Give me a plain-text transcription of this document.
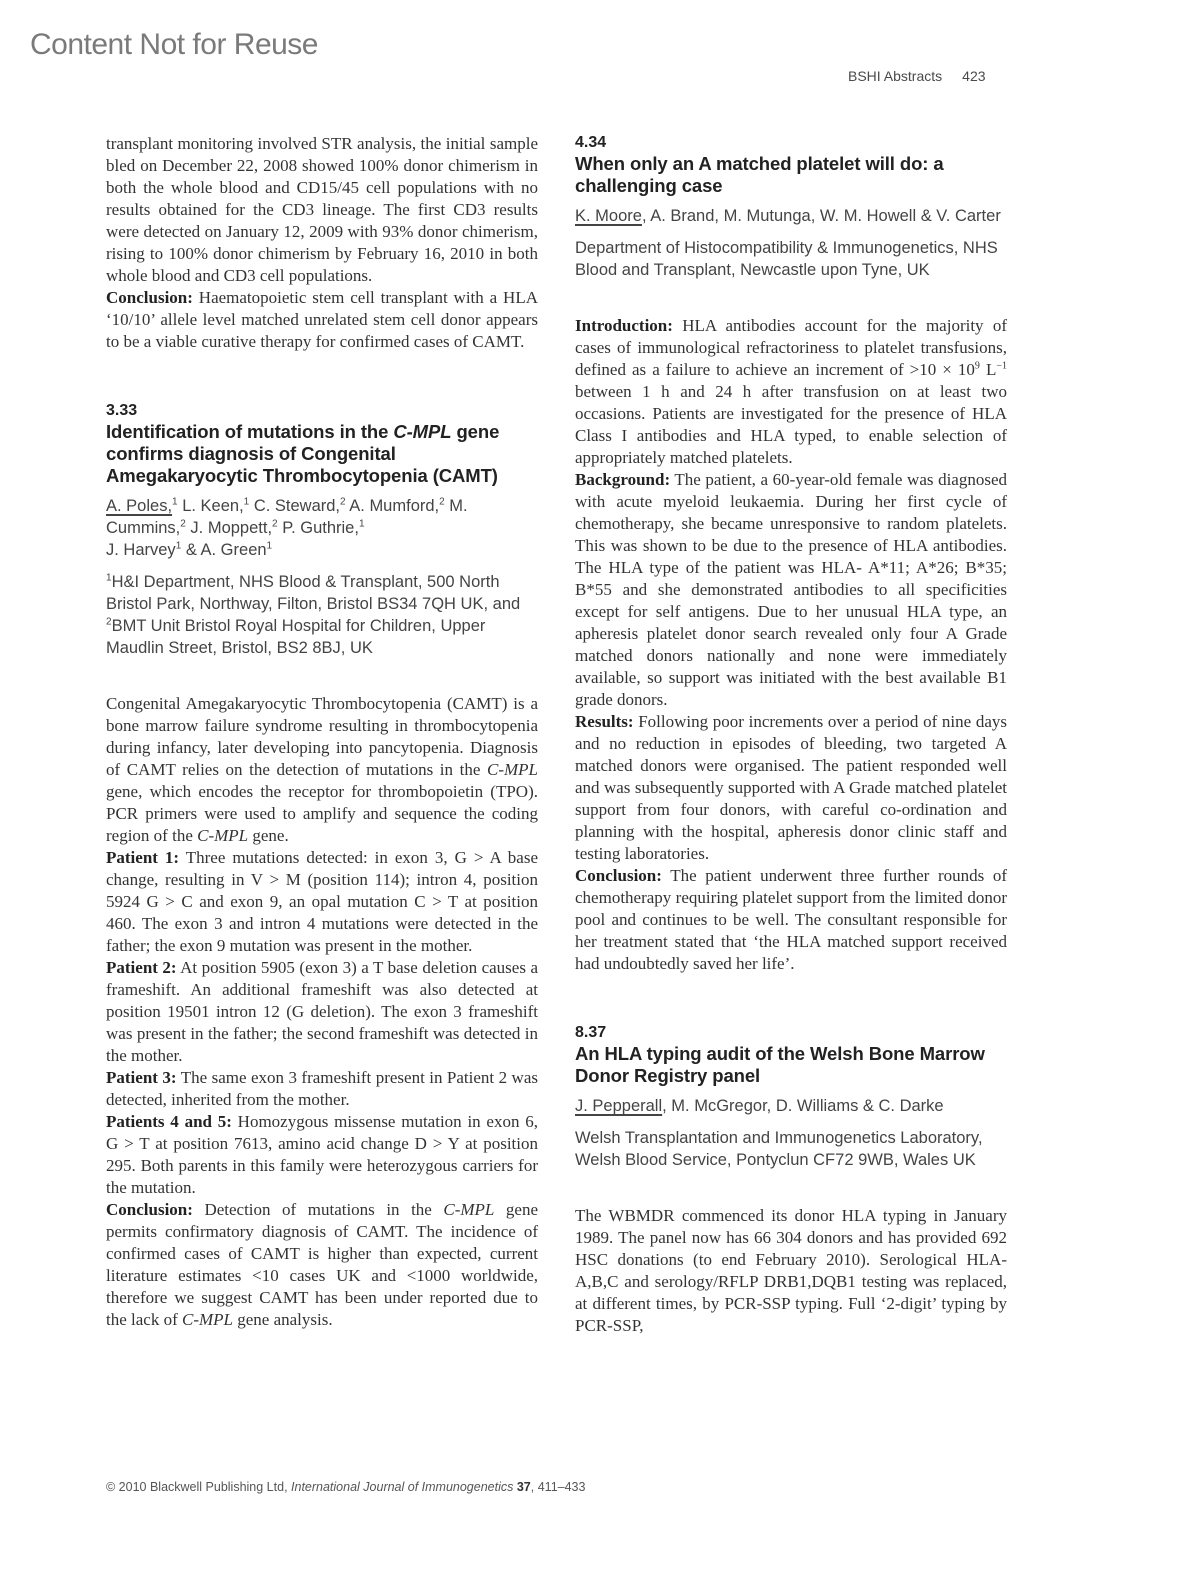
Content Not for Reuse
BSHI Abstracts 423

transplant monitoring involved STR analysis, the initial sample bled on December 22, 2008 showed 100% donor chimerism in both the whole blood and CD15/45 cell populations with no results obtained for the CD3 lineage. The first CD3 results were detected on January 12, 2009 with 93% donor chimerism, rising to 100% donor chimerism by February 16, 2010 in both whole blood and CD3 cell populations.

Conclusion: Haematopoietic stem cell transplant with a HLA ‘10/10’ allele level matched unrelated stem cell donor appears to be a viable curative therapy for confirmed cases of CAMT.

3.33

Identification of mutations in the C-MPL gene confirms diagnosis of Congenital Amegakaryocytic Thrombocytopenia (CAMT)

A. Poles,$^1$ L. Keen,$^1$ C. Steward,$^2$ A. Mumford,$^2$ M. Cummins,$^2$ J. Moppett,$^2$ P. Guthrie,$^1$
J. Harvey$^1$ & A. Green$^1$

$^1$H&I Department, NHS Blood & Transplant, 500 North Bristol Park, Northway, Filton, Bristol BS34 7QH UK, and $^2$BMT Unit Bristol Royal Hospital for Children, Upper Maudlin Street, Bristol, BS2 8BJ, UK

Congenital Amegakaryocytic Thrombocytopenia (CAMT) is a bone marrow failure syndrome resulting in thrombocytopenia during infancy, later developing into pancytopenia. Diagnosis of CAMT relies on the detection of mutations in the C-MPL gene, which encodes the receptor for thrombopoietin (TPO). PCR primers were used to amplify and sequence the coding region of the C-MPL gene.

Patient 1: Three mutations detected: in exon 3, G > A base change, resulting in V > M (position 114); intron 4, position 5924 G > C and exon 9, an opal mutation C > T at position 460. The exon 3 and intron 4 mutations were detected in the father; the exon 9 mutation was present in the mother.

Patient 2: At position 5905 (exon 3) a T base deletion causes a frameshift. An additional frameshift was also detected at position 19501 intron 12 (G deletion). The exon 3 frameshift was present in the father; the second frameshift was detected in the mother.

Patient 3: The same exon 3 frameshift present in Patient 2 was detected, inherited from the mother.

Patients 4 and 5: Homozygous missense mutation in exon 6, G > T at position 7613, amino acid change D > Y at position 295. Both parents in this family were heterozygous carriers for the mutation.

Conclusion: Detection of mutations in the C-MPL gene permits confirmatory diagnosis of CAMT. The incidence of confirmed cases of CAMT is higher than expected, current literature estimates <10 cases UK and <1000 worldwide, therefore we suggest CAMT has been under reported due to the lack of C-MPL gene analysis.

4.34

When only an A matched platelet will do: a challenging case

K. Moore, A. Brand, M. Mutunga, W. M. Howell & V. Carter

Department of Histocompatibility & Immunogenetics, NHS Blood and Transplant, Newcastle upon Tyne, UK

Introduction: HLA antibodies account for the majority of cases of immunological refractoriness to platelet transfusions, defined as a failure to achieve an increment of $>10 \times 10^9$ $L^{-1}$ between 1 h and 24 h after transfusion on at least two occasions. Patients are investigated for the presence of HLA Class I antibodies and HLA typed, to enable selection of appropriately matched platelets.

Background: The patient, a 60-year-old female was diagnosed with acute myeloid leukaemia. During her first cycle of chemotherapy, she became unresponsive to random platelets. This was shown to be due to the presence of HLA antibodies. The HLA type of the patient was HLA- A*11; A*26; B*35; B*55 and she demonstrated antibodies to all specificities except for self antigens. Due to her unusual HLA type, an apheresis platelet donor search revealed only four A Grade matched donors nationally and none were immediately available, so support was initiated with the best available B1 grade donors.

Results: Following poor increments over a period of nine days and no reduction in episodes of bleeding, two targeted A matched donors were organised. The patient responded well and was subsequently supported with A Grade matched platelet support from four donors, with careful co-ordination and planning with the hospital, apheresis donor clinic staff and testing laboratories.

Conclusion: The patient underwent three further rounds of chemotherapy requiring platelet support from the limited donor pool and continues to be well. The consultant responsible for her treatment stated that ‘the HLA matched support received had undoubtedly saved her life’.

8.37

An HLA typing audit of the Welsh Bone Marrow Donor Registry panel

J. Pepperall, M. McGregor, D. Williams & C. Darke

Welsh Transplantation and Immunogenetics Laboratory, Welsh Blood Service, Pontyclun CF72 9WB, Wales UK

The WBMDR commenced its donor HLA typing in January 1989. The panel now has 66 304 donors and has provided 692 HSC donations (to end February 2010). Serological HLA-A,B,C and serology/RFLP DRB1,DQB1 testing was replaced, at different times, by PCR-SSP typing. Full ‘2-digit’ typing by PCR-SSP,

© 2010 Blackwell Publishing Ltd, International Journal of Immunogenetics 37, 411–433
